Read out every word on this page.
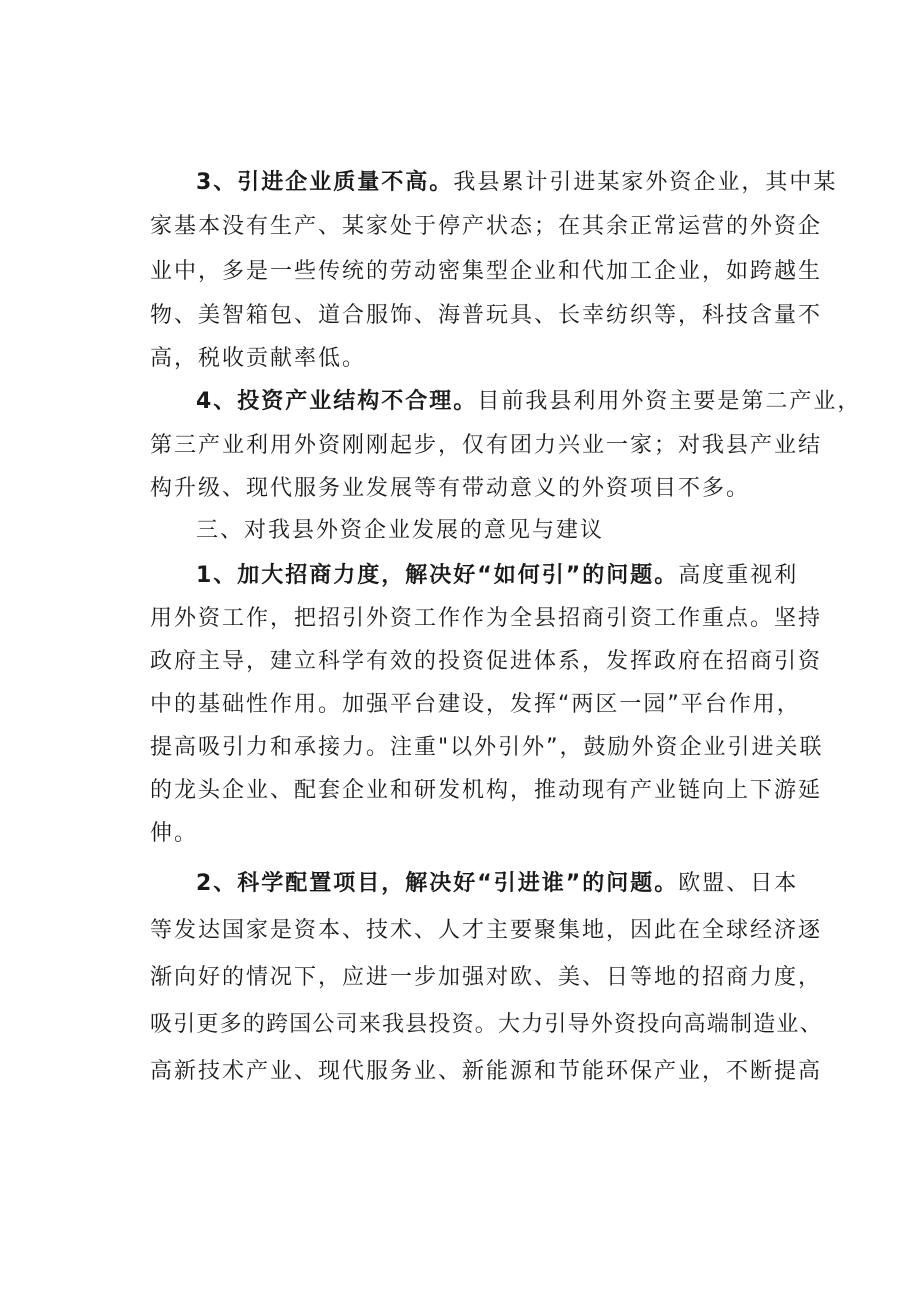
3、引进企业质量不高。我县累计引进某家外资企业，其中某
家基本没有生产、某家处于停产状态；在其余正常运营的外资企
业中，多是一些传统的劳动密集型企业和代加工企业，如跨越生
物、美智箱包、道合服饰、海普玩具、长幸纺织等，科技含量不
高，税收贡献率低。
4、投资产业结构不合理。目前我县利用外资主要是第二产业，
第三产业利用外资刚刚起步，仅有团力兴业一家；对我县产业结
构升级、现代服务业发展等有带动意义的外资项目不多。
三、对我县外资企业发展的意见与建议
1、加大招商力度，解决好“如何引”的问题。高度重视利
用外资工作，把招引外资工作作为全县招商引资工作重点。坚持
政府主导，建立科学有效的投资促进体系，发挥政府在招商引资
中的基础性作用。加强平台建设，发挥“两区一园”平台作用，
提高吸引力和承接力。注重"以外引外”，鼓励外资企业引进关联
的龙头企业、配套企业和研发机构，推动现有产业链向上下游延
伸。
2、科学配置项目，解决好“引进谁”的问题。欧盟、日本
等发达国家是资本、技术、人才主要聚集地，因此在全球经济逐
渐向好的情况下，应进一步加强对欧、美、日等地的招商力度，
吸引更多的跨国公司来我县投资。大力引导外资投向高端制造业、
高新技术产业、现代服务业、新能源和节能环保产业，不断提高
